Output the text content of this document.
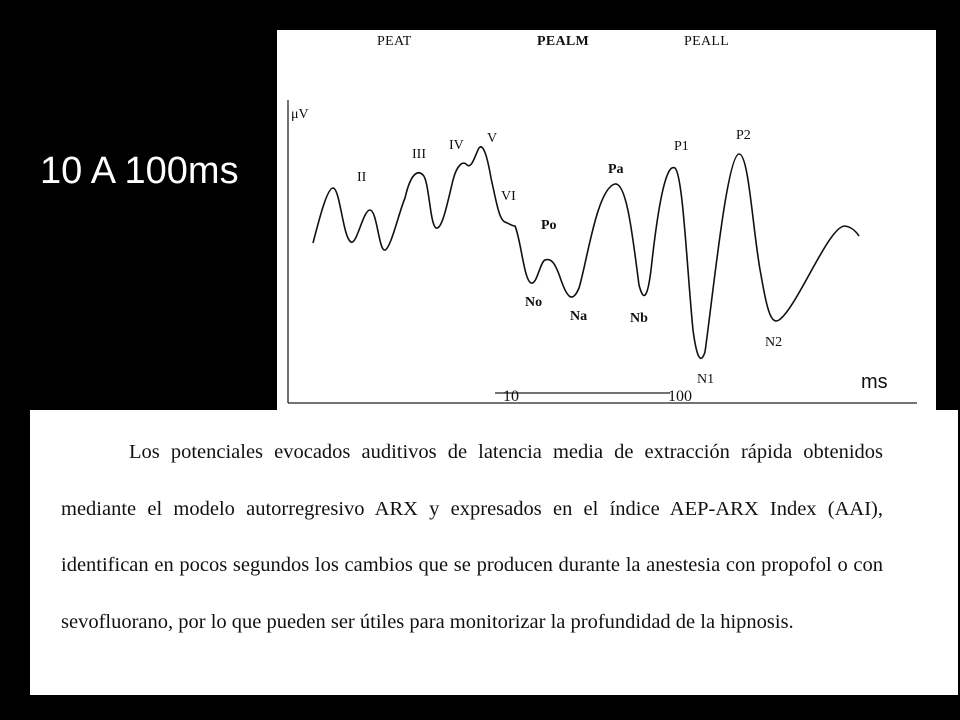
10 A 100ms
PEAT	PEALM	PEALL
μV
II
III
IV V
VI
Po
Pa
No
Na	Nb
P1
P2
N1
N2
10	100
ms
Los potenciales evocados auditivos de latencia media de extracción rápida obtenidos mediante el modelo autorregresivo ARX y expresados en el índice AEP-ARX Index (AAI), identifican en pocos segundos los cambios que se producen durante la anestesia con propofol o con sevofluorano, por lo que pueden ser útiles para monitorizar la profundidad de la hipnosis.
